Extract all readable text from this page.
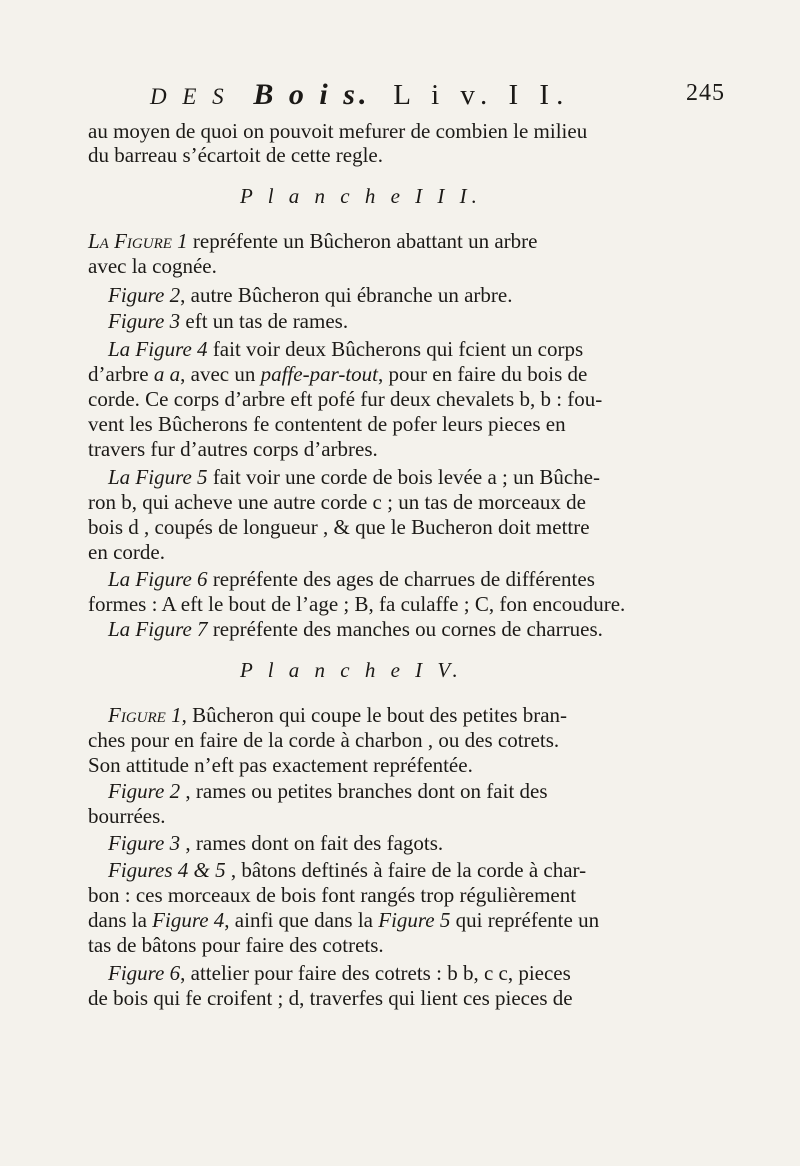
D E S B o i s. L i v. I I.	245
au moyen de quoi on pouvoit mefurer de combien le milieu
du barreau s’écartoit de cette regle.
P l a n c h e I I I.
La Figure 1 repréfente un Bûcheron abattant un arbre
avec la cognée.
Figure 2, autre Bûcheron qui ébranche un arbre.
Figure 3 eft un tas de rames.
La Figure 4 fait voir deux Bûcherons qui fcient un corps
d’arbre a a, avec un paffe-par-tout, pour en faire du bois de
corde. Ce corps d’arbre eft pofé fur deux chevalets b, b : fou-
vent les Bûcherons fe contentent de pofer leurs pieces en
travers fur d’autres corps d’arbres.
La Figure 5 fait voir une corde de bois levée a ; un Bûche-
ron b, qui acheve une autre corde c ; un tas de morceaux de
bois d , coupés de longueur , & que le Bucheron doit mettre
en corde.
La Figure 6 repréfente des ages de charrues de différentes
formes : A eft le bout de l’age ; B, fa culaffe ; C, fon encoudure.
La Figure 7 repréfente des manches ou cornes de charrues.
P l a n c h e I V.
Figure 1, Bûcheron qui coupe le bout des petites bran-
ches pour en faire de la corde à charbon , ou des cotrets.
Son attitude n’eft pas exactement repréfentée.
Figure 2 , rames ou petites branches dont on fait des
bourrées.
Figure 3 , rames dont on fait des fagots.
Figures 4 & 5 , bâtons deftinés à faire de la corde à char-
bon : ces morceaux de bois font rangés trop régulièrement
dans la Figure 4, ainfi que dans la Figure 5 qui repréfente un
tas de bâtons pour faire des cotrets.
Figure 6, attelier pour faire des cotrets : b b, c c, pieces
de bois qui fe croifent ; d, traverfes qui lient ces pieces de
